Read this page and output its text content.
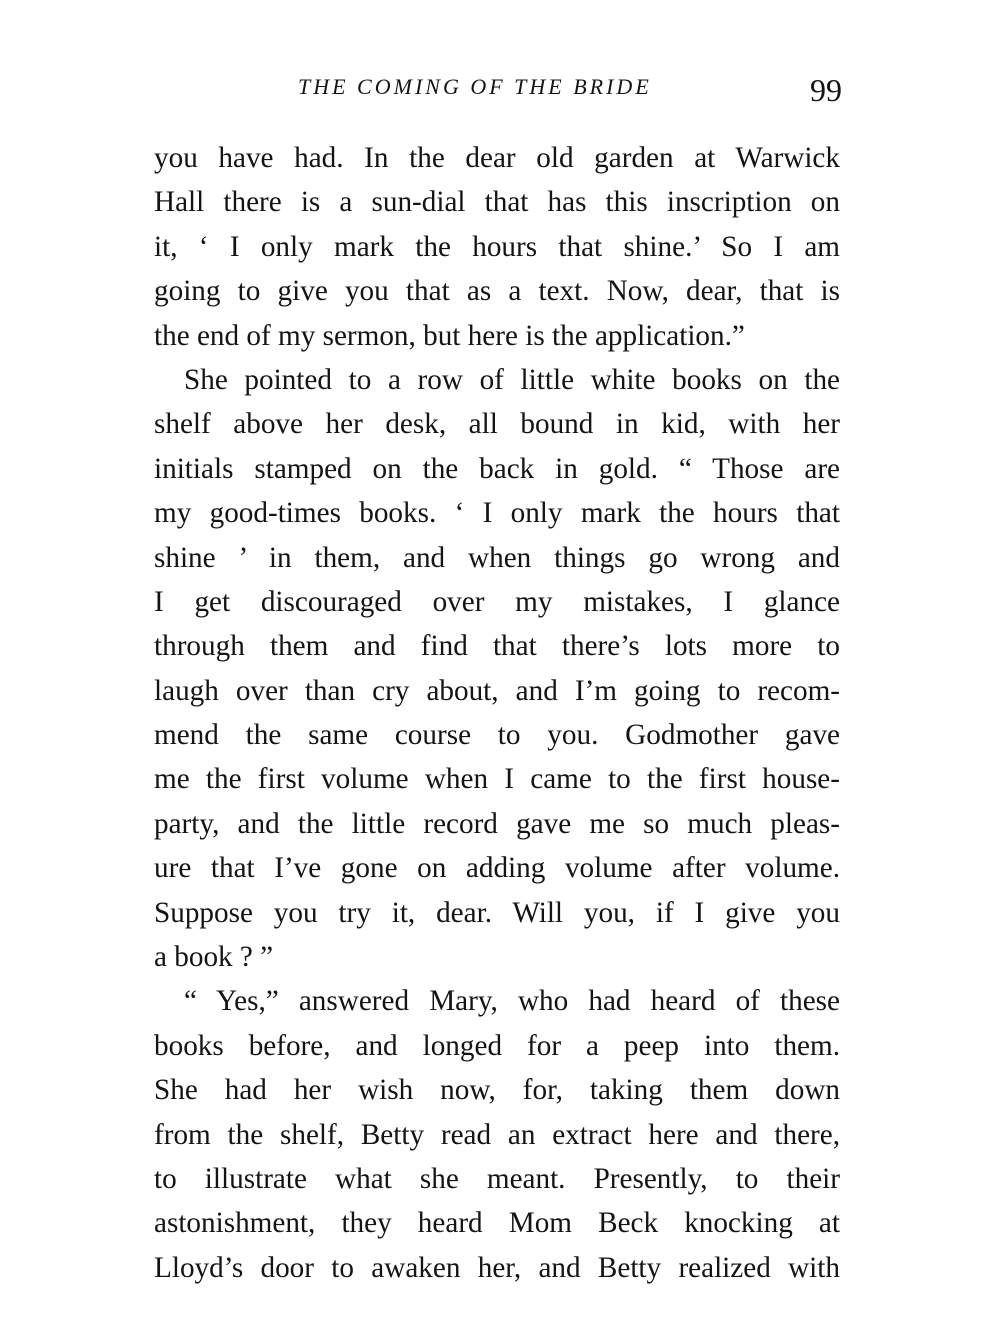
THE COMING OF THE BRIDE	99
you have had. In the dear old garden at Warwick
Hall there is a sun-dial that has this inscription on
it, ‘ I only mark the hours that shine.’ So I am
going to give you that as a text. Now, dear, that is
the end of my sermon, but here is the application.”
She pointed to a row of little white books on the
shelf above her desk, all bound in kid, with her
initials stamped on the back in gold. “ Those are
my good-times books. ‘ I only mark the hours that
shine ’ in them, and when things go wrong and
I get discouraged over my mistakes, I glance
through them and find that there’s lots more to
laugh over than cry about, and I’m going to recom-
mend the same course to you. Godmother gave
me the first volume when I came to the first house-
party, and the little record gave me so much pleas-
ure that I’ve gone on adding volume after volume.
Suppose you try it, dear. Will you, if I give you
a book ? ”
“ Yes,” answered Mary, who had heard of these
books before, and longed for a peep into them.
She had her wish now, for, taking them down
from the shelf, Betty read an extract here and there,
to illustrate what she meant. Presently, to their
astonishment, they heard Mom Beck knocking at
Lloyd’s door to awaken her, and Betty realized with
